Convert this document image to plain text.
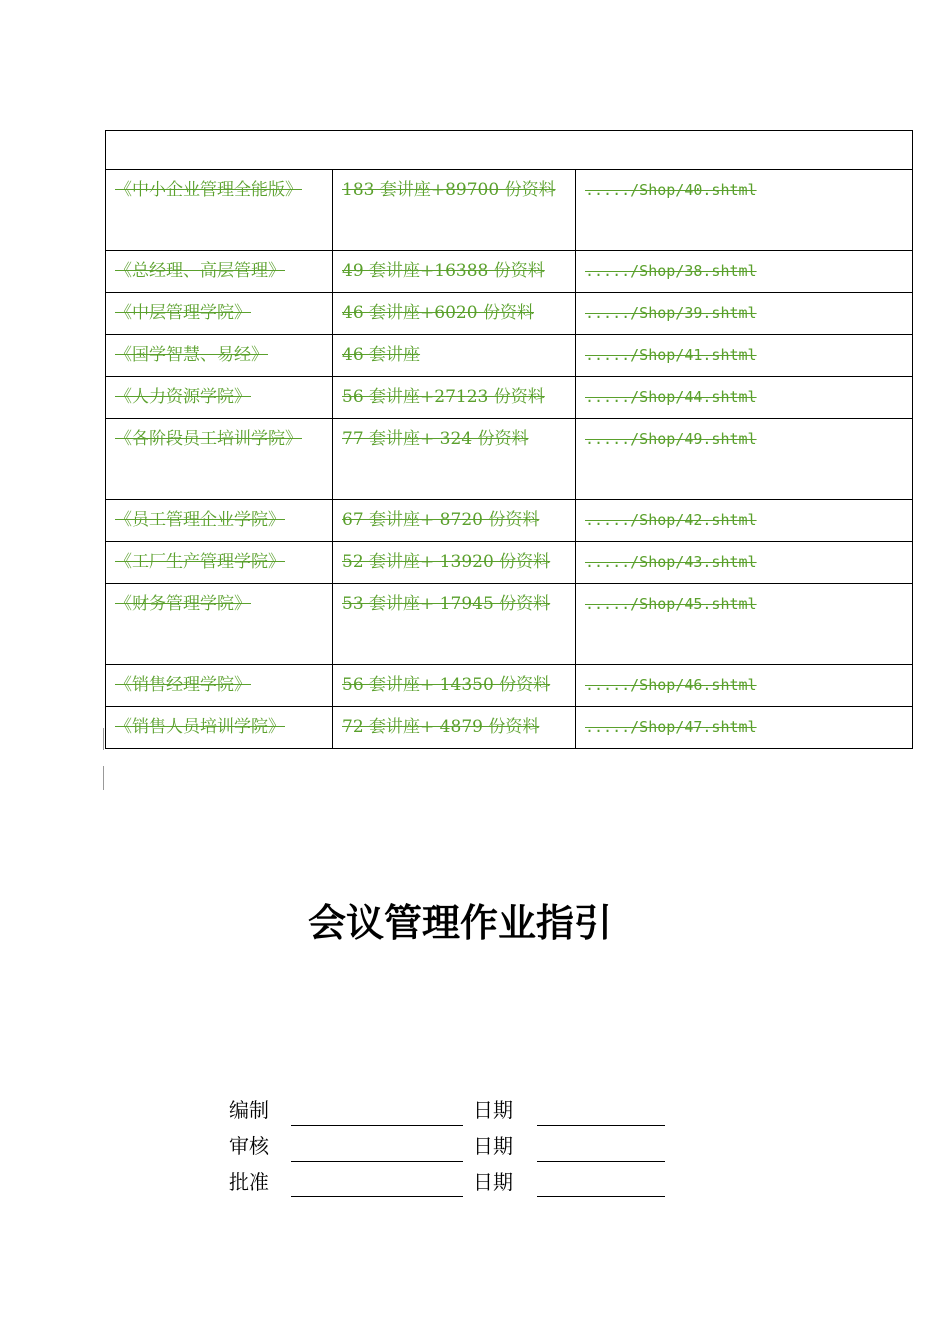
《中小企业管理全能版》	183 套讲座+89700 份资料	...../Shop/40.shtml
《总经理、高层管理》	49 套讲座+16388 份资料	...../Shop/38.shtml
《中层管理学院》	46 套讲座+6020 份资料	...../Shop/39.shtml
《国学智慧、易经》	46 套讲座	...../Shop/41.shtml
《人力资源学院》	56 套讲座+27123 份资料	...../Shop/44.shtml
《各阶段员工培训学院》	77 套讲座+ 324 份资料	...../Shop/49.shtml
《员工管理企业学院》	67 套讲座+ 8720 份资料	...../Shop/42.shtml
《工厂生产管理学院》	52 套讲座+ 13920 份资料	...../Shop/43.shtml
《财务管理学院》	53 套讲座+ 17945 份资料	...../Shop/45.shtml
《销售经理学院》	56 套讲座+ 14350 份资料	...../Shop/46.shtml
《销售人员培训学院》	72 套讲座+ 4879 份资料	...../Shop/47.shtml
会议管理作业指引
编制	日期
审核	日期
批准	日期
